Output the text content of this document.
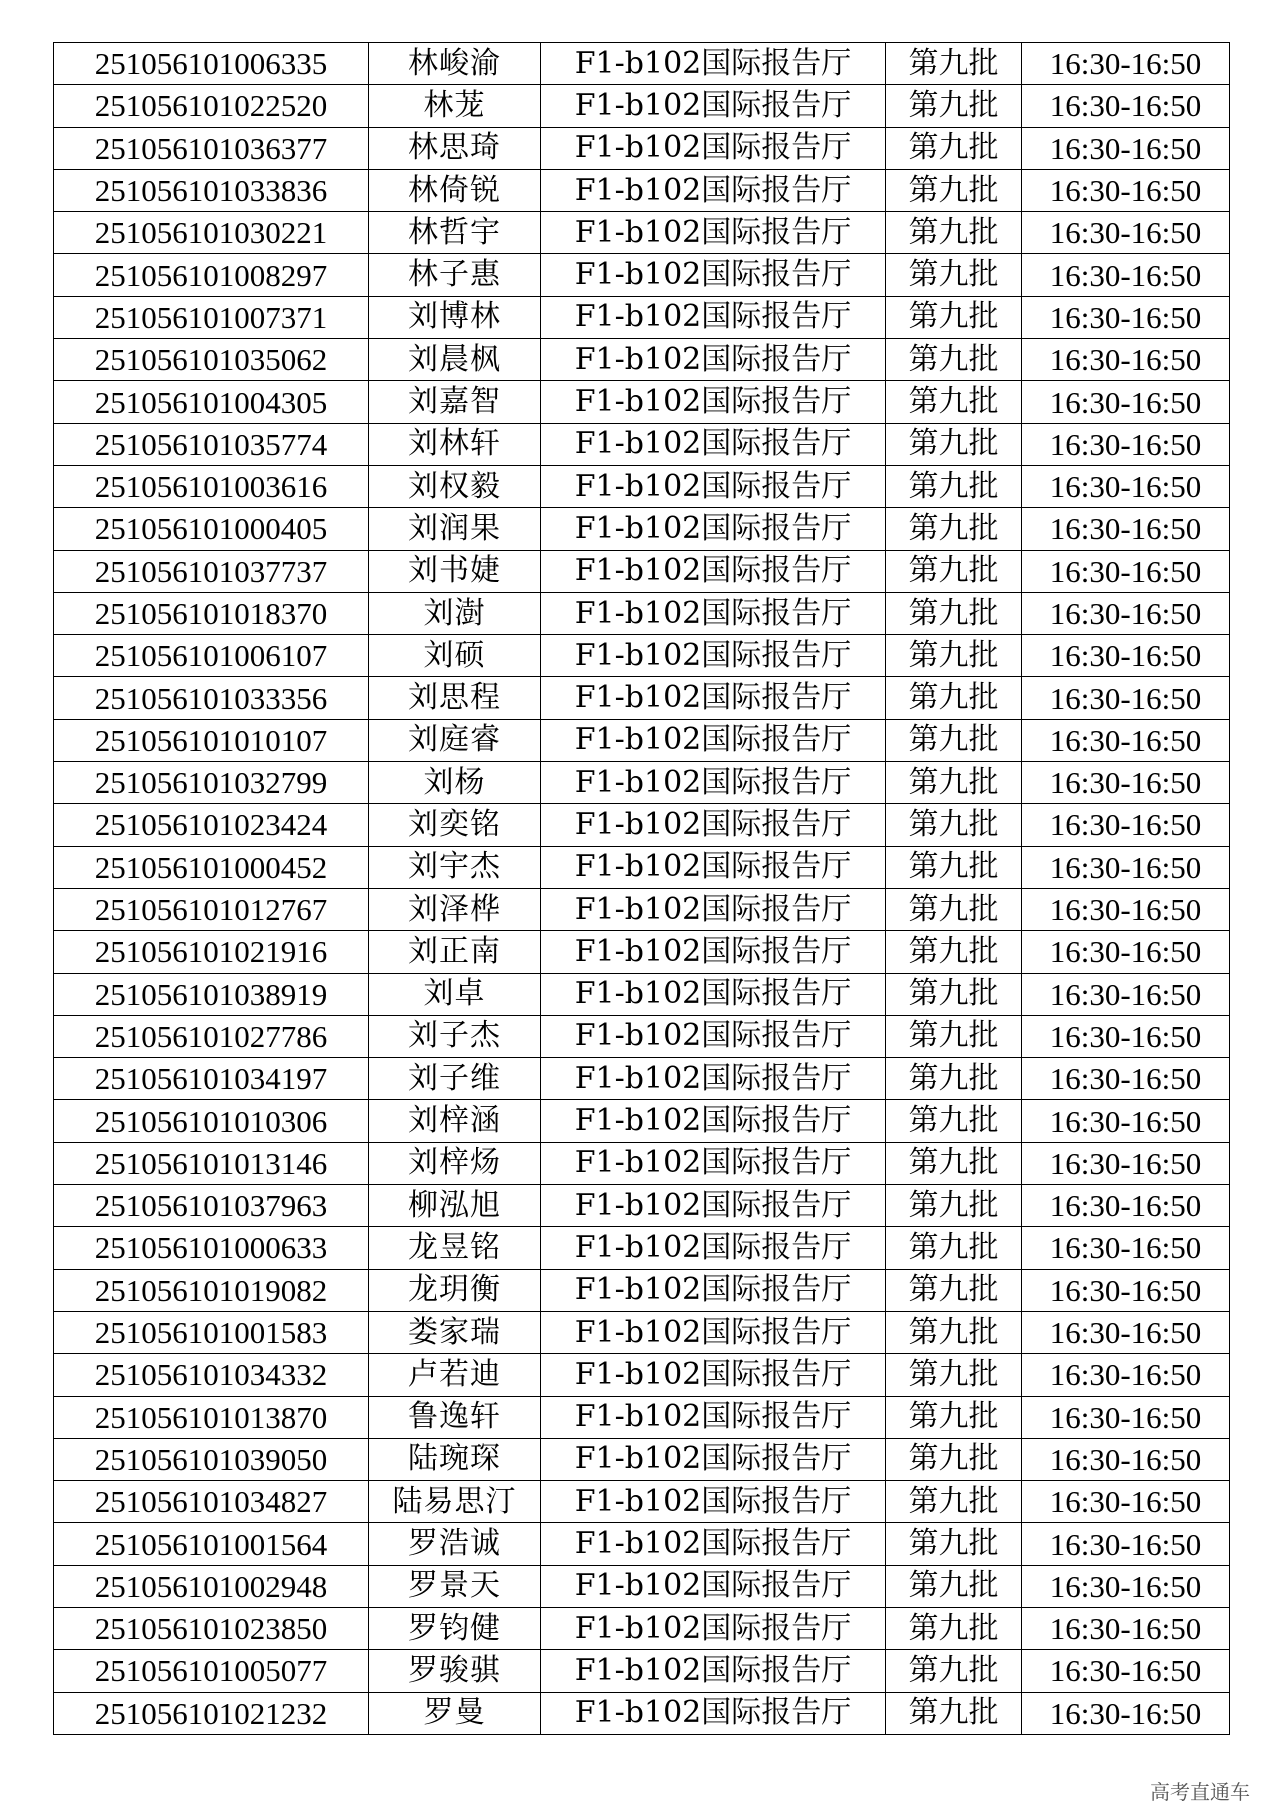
251056101006335	林峻渝	F1-b102国际报告厅	第九批	16:30-16:50
251056101022520	林茏	F1-b102国际报告厅	第九批	16:30-16:50
251056101036377	林思琦	F1-b102国际报告厅	第九批	16:30-16:50
251056101033836	林倚锐	F1-b102国际报告厅	第九批	16:30-16:50
251056101030221	林哲宇	F1-b102国际报告厅	第九批	16:30-16:50
251056101008297	林子惠	F1-b102国际报告厅	第九批	16:30-16:50
251056101007371	刘博林	F1-b102国际报告厅	第九批	16:30-16:50
251056101035062	刘晨枫	F1-b102国际报告厅	第九批	16:30-16:50
251056101004305	刘嘉智	F1-b102国际报告厅	第九批	16:30-16:50
251056101035774	刘林轩	F1-b102国际报告厅	第九批	16:30-16:50
251056101003616	刘权毅	F1-b102国际报告厅	第九批	16:30-16:50
251056101000405	刘润果	F1-b102国际报告厅	第九批	16:30-16:50
251056101037737	刘书婕	F1-b102国际报告厅	第九批	16:30-16:50
251056101018370	刘澍	F1-b102国际报告厅	第九批	16:30-16:50
251056101006107	刘硕	F1-b102国际报告厅	第九批	16:30-16:50
251056101033356	刘思程	F1-b102国际报告厅	第九批	16:30-16:50
251056101010107	刘庭睿	F1-b102国际报告厅	第九批	16:30-16:50
251056101032799	刘杨	F1-b102国际报告厅	第九批	16:30-16:50
251056101023424	刘奕铭	F1-b102国际报告厅	第九批	16:30-16:50
251056101000452	刘宇杰	F1-b102国际报告厅	第九批	16:30-16:50
251056101012767	刘泽桦	F1-b102国际报告厅	第九批	16:30-16:50
251056101021916	刘正南	F1-b102国际报告厅	第九批	16:30-16:50
251056101038919	刘卓	F1-b102国际报告厅	第九批	16:30-16:50
251056101027786	刘子杰	F1-b102国际报告厅	第九批	16:30-16:50
251056101034197	刘子维	F1-b102国际报告厅	第九批	16:30-16:50
251056101010306	刘梓涵	F1-b102国际报告厅	第九批	16:30-16:50
251056101013146	刘梓炀	F1-b102国际报告厅	第九批	16:30-16:50
251056101037963	柳泓旭	F1-b102国际报告厅	第九批	16:30-16:50
251056101000633	龙昱铭	F1-b102国际报告厅	第九批	16:30-16:50
251056101019082	龙玥衡	F1-b102国际报告厅	第九批	16:30-16:50
251056101001583	娄家瑞	F1-b102国际报告厅	第九批	16:30-16:50
251056101034332	卢若迪	F1-b102国际报告厅	第九批	16:30-16:50
251056101013870	鲁逸轩	F1-b102国际报告厅	第九批	16:30-16:50
251056101039050	陆琬琛	F1-b102国际报告厅	第九批	16:30-16:50
251056101034827	陆易思汀	F1-b102国际报告厅	第九批	16:30-16:50
251056101001564	罗浩诚	F1-b102国际报告厅	第九批	16:30-16:50
251056101002948	罗景天	F1-b102国际报告厅	第九批	16:30-16:50
251056101023850	罗钧健	F1-b102国际报告厅	第九批	16:30-16:50
251056101005077	罗骏骐	F1-b102国际报告厅	第九批	16:30-16:50
251056101021232	罗曼	F1-b102国际报告厅	第九批	16:30-16:50
高考直通车
